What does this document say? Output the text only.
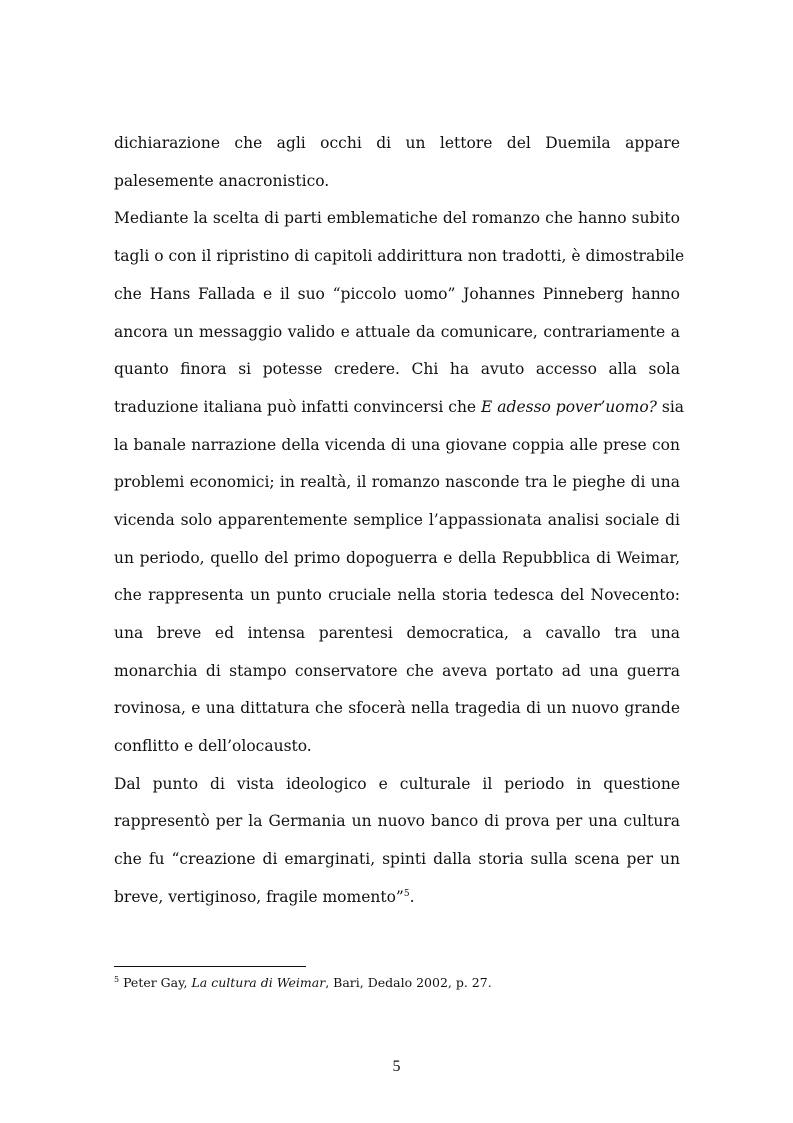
dichiarazione che agli occhi di un lettore del Duemila appare
palesemente anacronistico.
Mediante la scelta di parti emblematiche del romanzo che hanno subito
tagli o con il ripristino di capitoli addirittura non tradotti, è dimostrabile
che Hans Fallada e il suo “piccolo uomo” Johannes Pinneberg hanno
ancora un messaggio valido e attuale da comunicare, contrariamente a
quanto finora si potesse credere. Chi ha avuto accesso alla sola
traduzione italiana può infatti convincersi che E adesso pover’uomo? sia
la banale narrazione della vicenda di una giovane coppia alle prese con
problemi economici; in realtà, il romanzo nasconde tra le pieghe di una
vicenda solo apparentemente semplice l’appassionata analisi sociale di
un periodo, quello del primo dopoguerra e della Repubblica di Weimar,
che rappresenta un punto cruciale nella storia tedesca del Novecento:
una breve ed intensa parentesi democratica, a cavallo tra una
monarchia di stampo conservatore che aveva portato ad una guerra
rovinosa, e una dittatura che sfocerà nella tragedia di un nuovo grande
conflitto e dell’olocausto.
Dal punto di vista ideologico e culturale il periodo in questione
rappresentò per la Germania un nuovo banco di prova per una cultura
che fu “creazione di emarginati, spinti dalla storia sulla scena per un
breve, vertiginoso, fragile momento”$^5$.
$^5$ Peter Gay, La cultura di Weimar, Bari, Dedalo 2002, p. 27.
5
